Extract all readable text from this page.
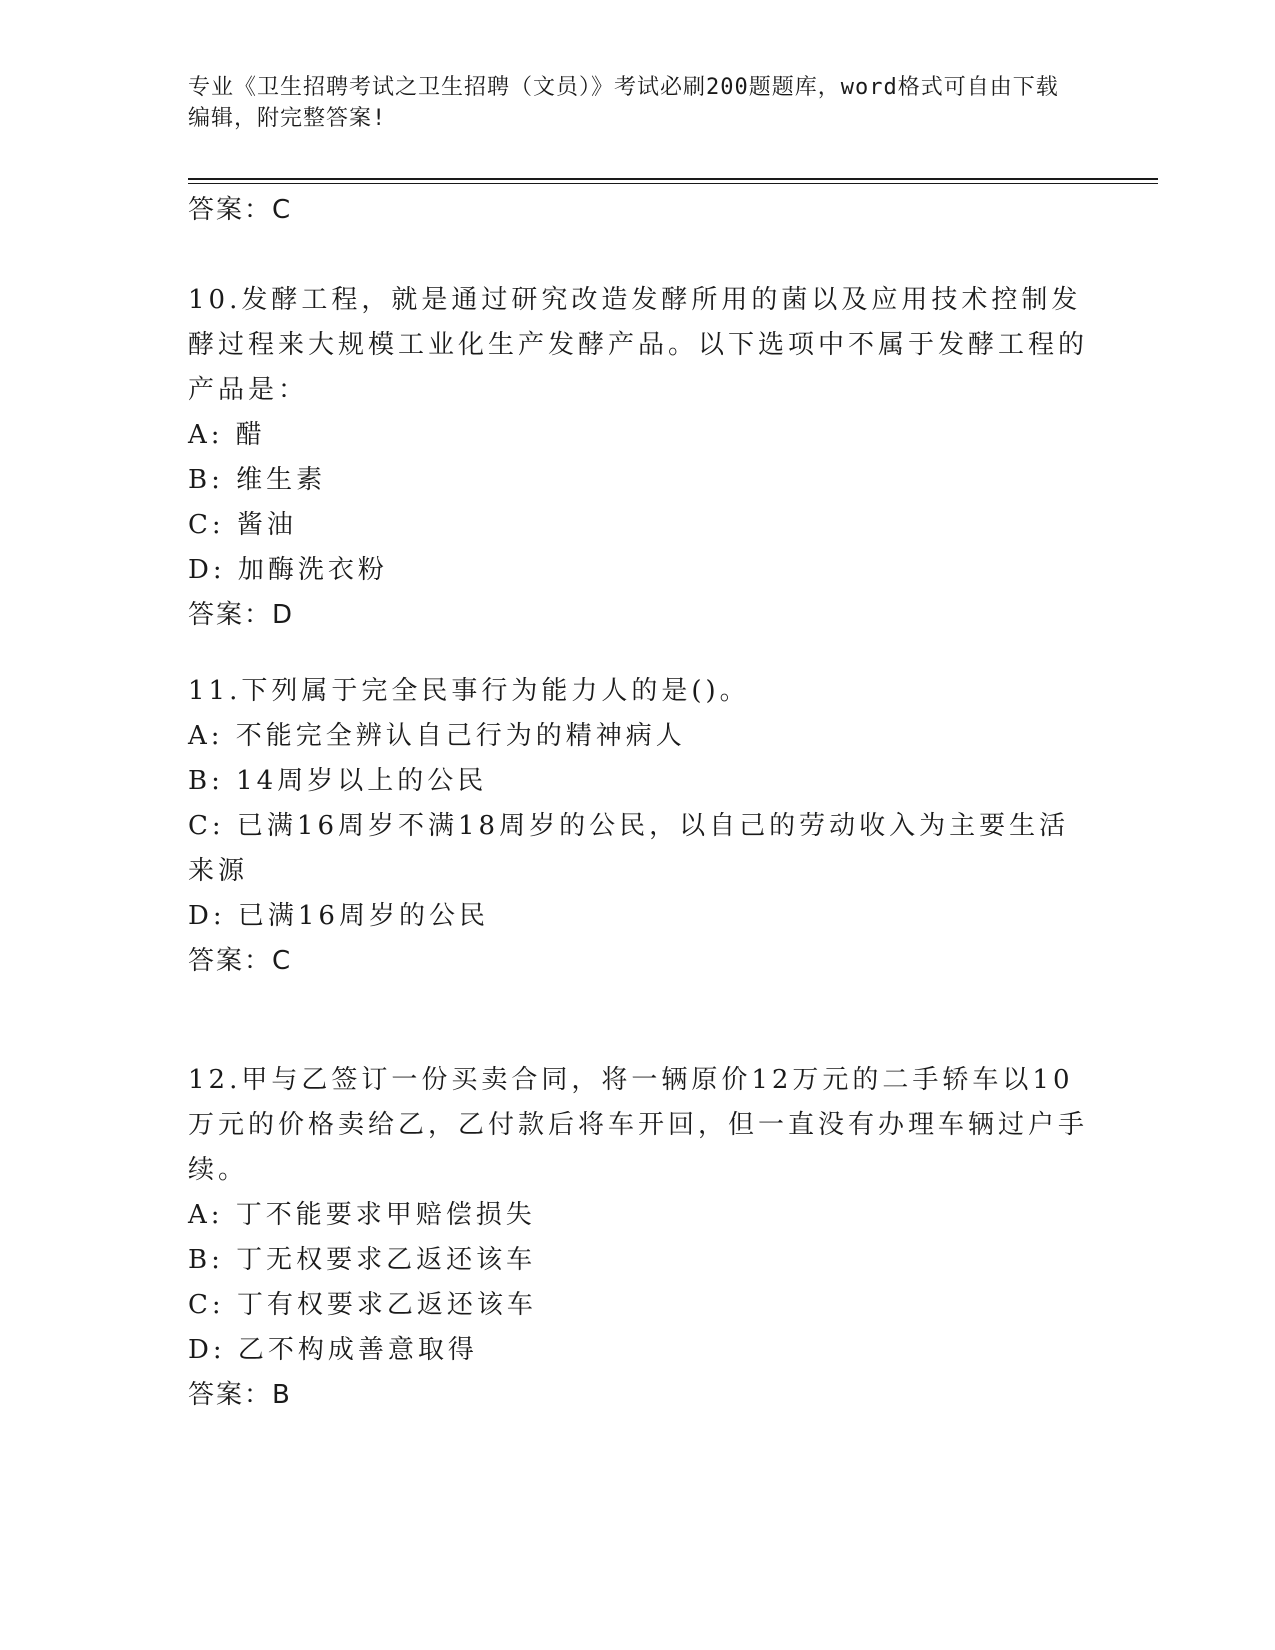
专业《卫生招聘考试之卫生招聘（文员）》考试必刷200题题库，word格式可自由下载编辑，附完整答案!
答案：C
10.发酵工程，就是通过研究改造发酵所用的菌以及应用技术控制发酵过程来大规模工业化生产发酵产品。以下选项中不属于发酵工程的产品是：
A: 醋
B: 维生素
C: 酱油
D: 加酶洗衣粉
答案：D
11.下列属于完全民事行为能力人的是()。
A: 不能完全辨认自己行为的精神病人
B: 14周岁以上的公民
C: 已满16周岁不满18周岁的公民，以自己的劳动收入为主要生活来源
D: 已满16周岁的公民
答案：C
12.甲与乙签订一份买卖合同，将一辆原价12万元的二手轿车以10万元的价格卖给乙，乙付款后将车开回，但一直没有办理车辆过户手续。
A: 丁不能要求甲赔偿损失
B: 丁无权要求乙返还该车
C: 丁有权要求乙返还该车
D: 乙不构成善意取得
答案：B
